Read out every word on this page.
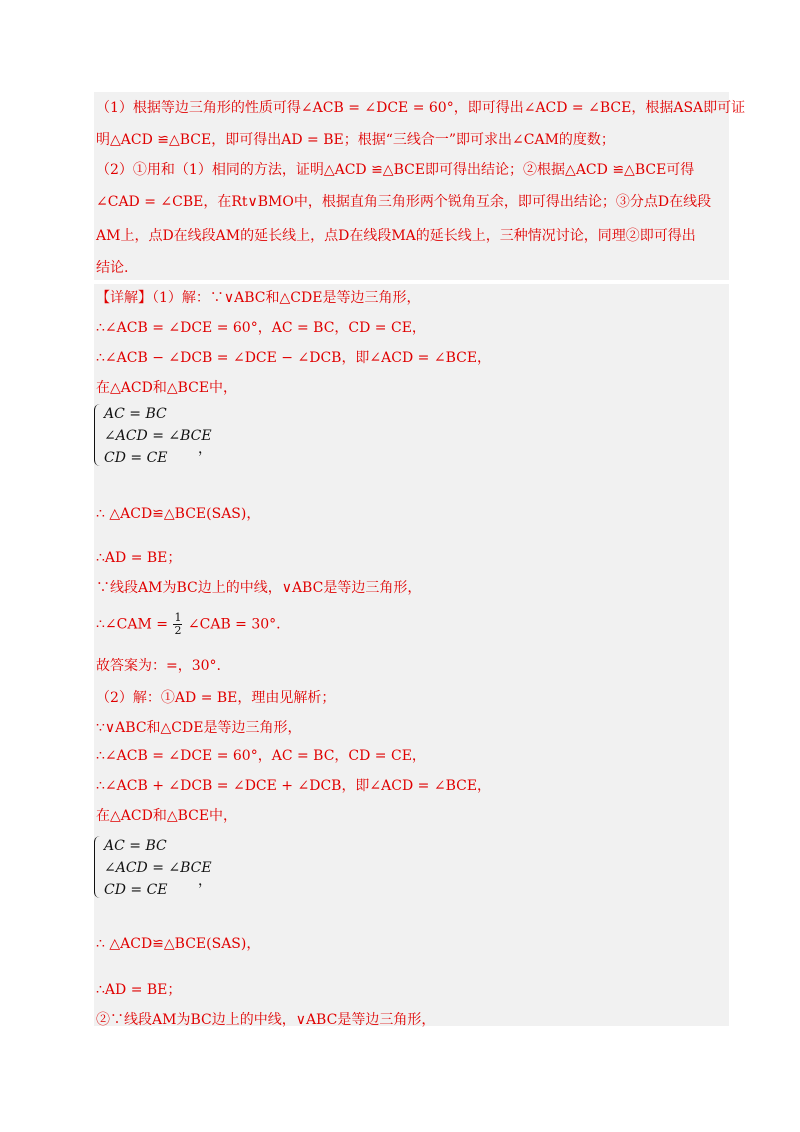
（1）根据等边三角形的性质可得∠ACB = ∠DCE = 60°，即可得出∠ACD = ∠BCE，根据ASA即可证
明△ACD ≌△BCE，即可得出AD = BE；根据“三线合一”即可求出∠CAM的度数；
（2）①用和（1）相同的方法，证明△ACD ≌△BCE即可得出结论；②根据△ACD ≌△BCE可得
∠CAD = ∠CBE，在Rt∨BMO中，根据直角三角形两个锐角互余，即可得出结论；③分点D在线段
AM上，点D在线段AM的延长线上，点D在线段MA的延长线上，三种情况讨论，同理②即可得出
结论.
【详解】（1）解：∵∨ABC和△CDE是等边三角形，
∴∠ACB = ∠DCE = 60°，AC = BC，CD = CE，
∴∠ACB − ∠DCB = ∠DCE − ∠DCB，即∠ACD = ∠BCE，
在△ACD和△BCE中，
AC = BC
∠ACD = ∠BCE
CD = CE
，
∴ △ACD≌△BCE(SAS)，
∴AD = BE；
∵线段AM为BC边上的中线，∨ABC是等边三角形，
∴∠CAM = $\frac{1}{2}$ ∠CAB = 30°.
故答案为：=，30°.
（2）解：①AD = BE，理由见解析；
∵∨ABC和△CDE是等边三角形，
∴∠ACB = ∠DCE = 60°，AC = BC，CD = CE，
∴∠ACB + ∠DCB = ∠DCE + ∠DCB，即∠ACD = ∠BCE，
在△ACD和△BCE中，
AC = BC
∠ACD = ∠BCE
CD = CE
，
∴ △ACD≌△BCE(SAS)，
∴AD = BE；
②∵线段AM为BC边上的中线，∨ABC是等边三角形，
